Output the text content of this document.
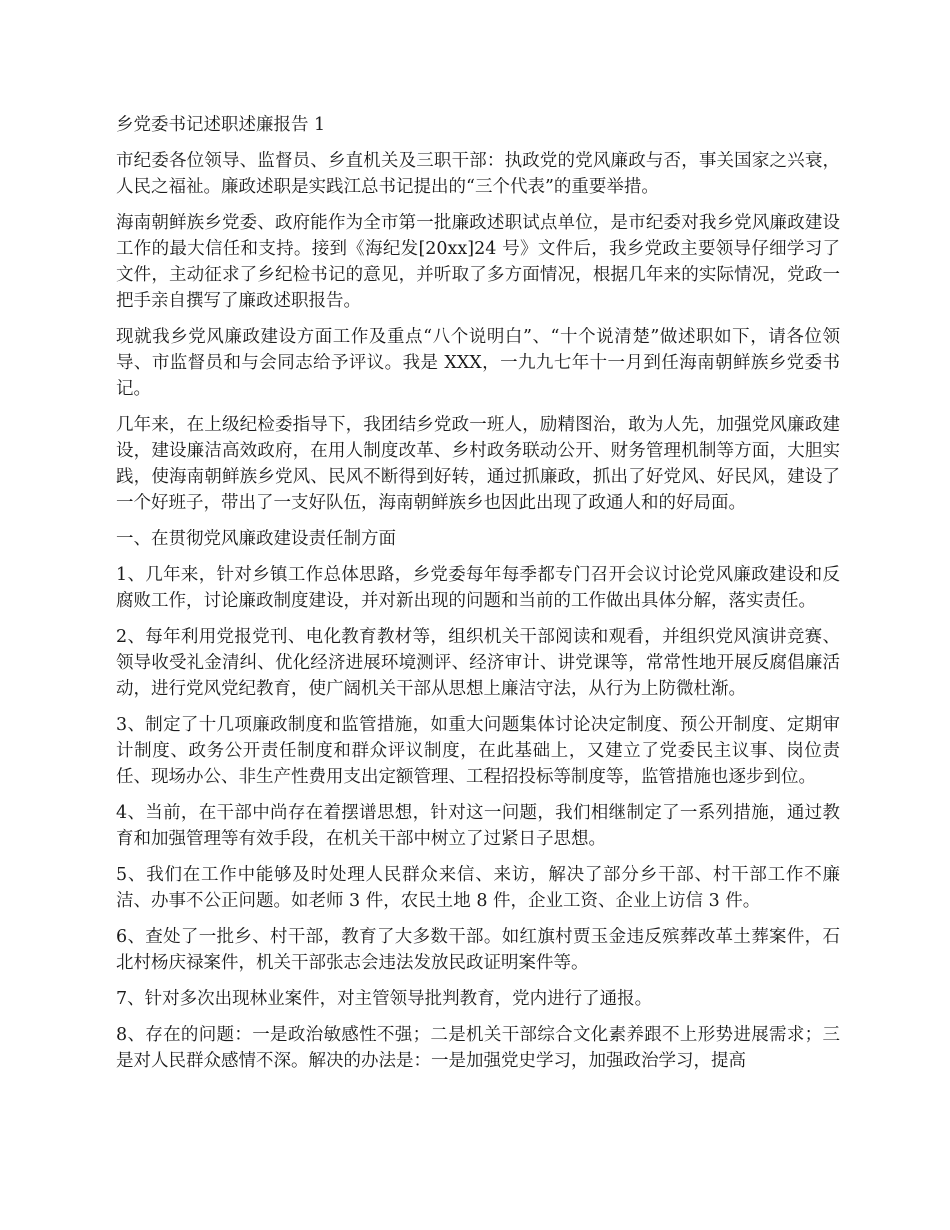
乡党委书记述职述廉报告 1

市纪委各位领导、监督员、乡直机关及三职干部：执政党的党风廉政与否，事关国家之兴衰，人民之福祉。廉政述职是实践江总书记提出的“三个代表”的重要举措。

海南朝鲜族乡党委、政府能作为全市第一批廉政述职试点单位，是市纪委对我乡党风廉政建设工作的最大信任和支持。接到《海纪发[20xx]24 号》文件后，我乡党政主要领导仔细学习了文件，主动征求了乡纪检书记的意见，并听取了多方面情况，根据几年来的实际情况，党政一把手亲自撰写了廉政述职报告。

现就我乡党风廉政建设方面工作及重点“八个说明白”、“十个说清楚”做述职如下，请各位领导、市监督员和与会同志给予评议。我是 XXX，一九九七年十一月到任海南朝鲜族乡党委书记。

几年来，在上级纪检委指导下，我团结乡党政一班人，励精图治，敢为人先，加强党风廉政建设，建设廉洁高效政府，在用人制度改革、乡村政务联动公开、财务管理机制等方面，大胆实践，使海南朝鲜族乡党风、民风不断得到好转，通过抓廉政，抓出了好党风、好民风，建设了一个好班子，带出了一支好队伍，海南朝鲜族乡也因此出现了政通人和的好局面。

一、在贯彻党风廉政建设责任制方面

1、几年来，针对乡镇工作总体思路，乡党委每年每季都专门召开会议讨论党风廉政建设和反腐败工作，讨论廉政制度建设，并对新出现的问题和当前的工作做出具体分解，落实责任。

2、每年利用党报党刊、电化教育教材等，组织机关干部阅读和观看，并组织党风演讲竞赛、领导收受礼金清纠、优化经济进展环境测评、经济审计、讲党课等，常常性地开展反腐倡廉活动，进行党风党纪教育，使广阔机关干部从思想上廉洁守法，从行为上防微杜渐。

3、制定了十几项廉政制度和监管措施，如重大问题集体讨论决定制度、预公开制度、定期审计制度、政务公开责任制度和群众评议制度，在此基础上，又建立了党委民主议事、岗位责任、现场办公、非生产性费用支出定额管理、工程招投标等制度等，监管措施也逐步到位。

4、当前，在干部中尚存在着摆谱思想，针对这一问题，我们相继制定了一系列措施，通过教育和加强管理等有效手段，在机关干部中树立了过紧日子思想。

5、我们在工作中能够及时处理人民群众来信、来访，解决了部分乡干部、村干部工作不廉洁、办事不公正问题。如老师 3 件，农民土地 8 件，企业工资、企业上访信 3 件。

6、查处了一批乡、村干部，教育了大多数干部。如红旗村贾玉金违反殡葬改革土葬案件，石北村杨庆禄案件，机关干部张志会违法发放民政证明案件等。

7、针对多次出现林业案件，对主管领导批判教育，党内进行了通报。

8、存在的问题：一是政治敏感性不强；二是机关干部综合文化素养跟不上形势进展需求；三是对人民群众感情不深。解决的办法是：一是加强党史学习，加强政治学习，提高
